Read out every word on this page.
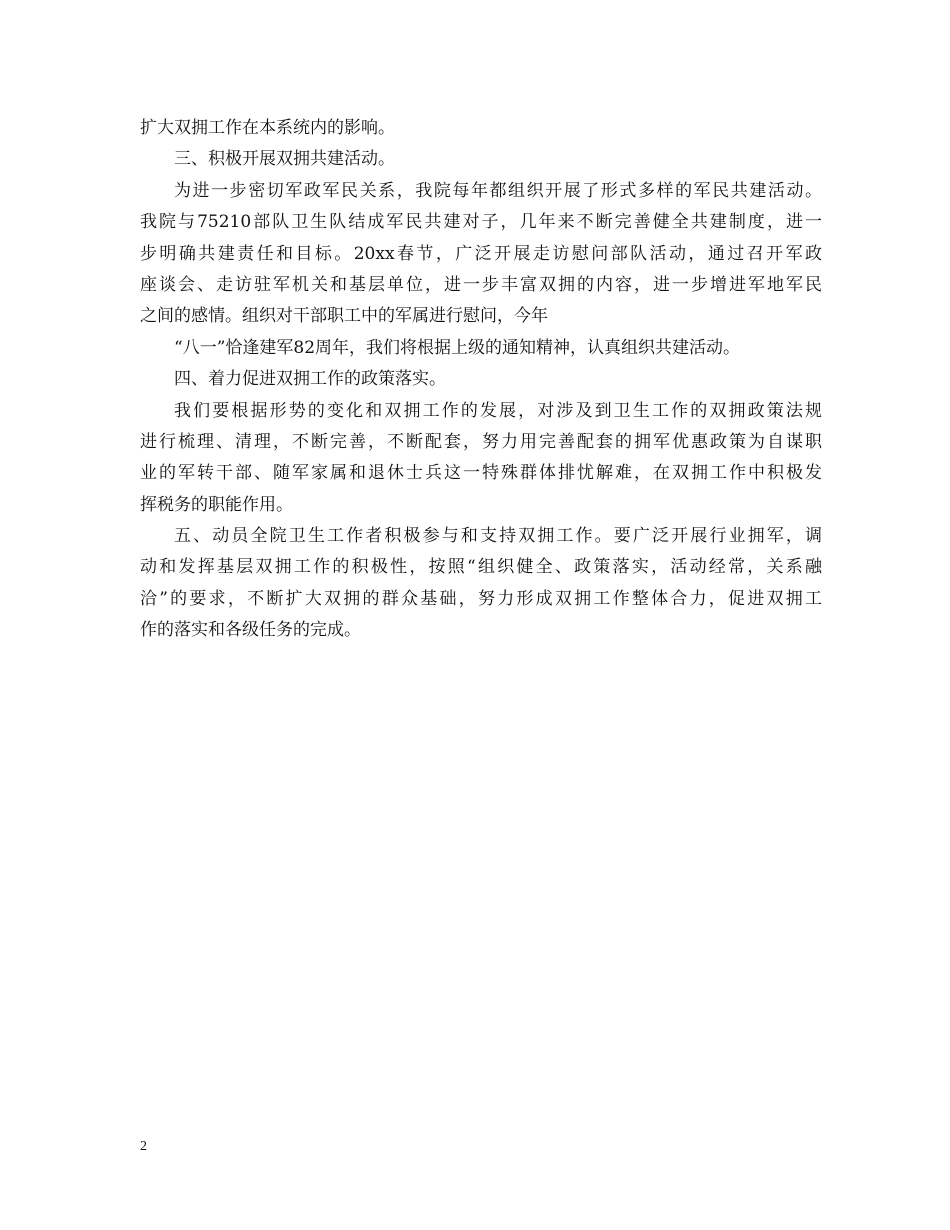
扩大双拥工作在本系统内的影响。
三、积极开展双拥共建活动。
为进一步密切军政军民关系，我院每年都组织开展了形式多样的军民共建活动。
我院与75210部队卫生队结成军民共建对子，几年来不断完善健全共建制度，进一
步明确共建责任和目标。20xx春节，广泛开展走访慰问部队活动，通过召开军政
座谈会、走访驻军机关和基层单位，进一步丰富双拥的内容，进一步增进军地军民
之间的感情。组织对干部职工中的军属进行慰问，今年
“八一”恰逢建军82周年，我们将根据上级的通知精神，认真组织共建活动。
四、着力促进双拥工作的政策落实。
我们要根据形势的变化和双拥工作的发展，对涉及到卫生工作的双拥政策法规
进行梳理、清理，不断完善，不断配套，努力用完善配套的拥军优惠政策为自谋职
业的军转干部、随军家属和退休士兵这一特殊群体排忧解难，在双拥工作中积极发
挥税务的职能作用。
五、动员全院卫生工作者积极参与和支持双拥工作。要广泛开展行业拥军，调
动和发挥基层双拥工作的积极性，按照“组织健全、政策落实，活动经常，关系融
洽”的要求，不断扩大双拥的群众基础，努力形成双拥工作整体合力，促进双拥工
作的落实和各级任务的完成。
2
